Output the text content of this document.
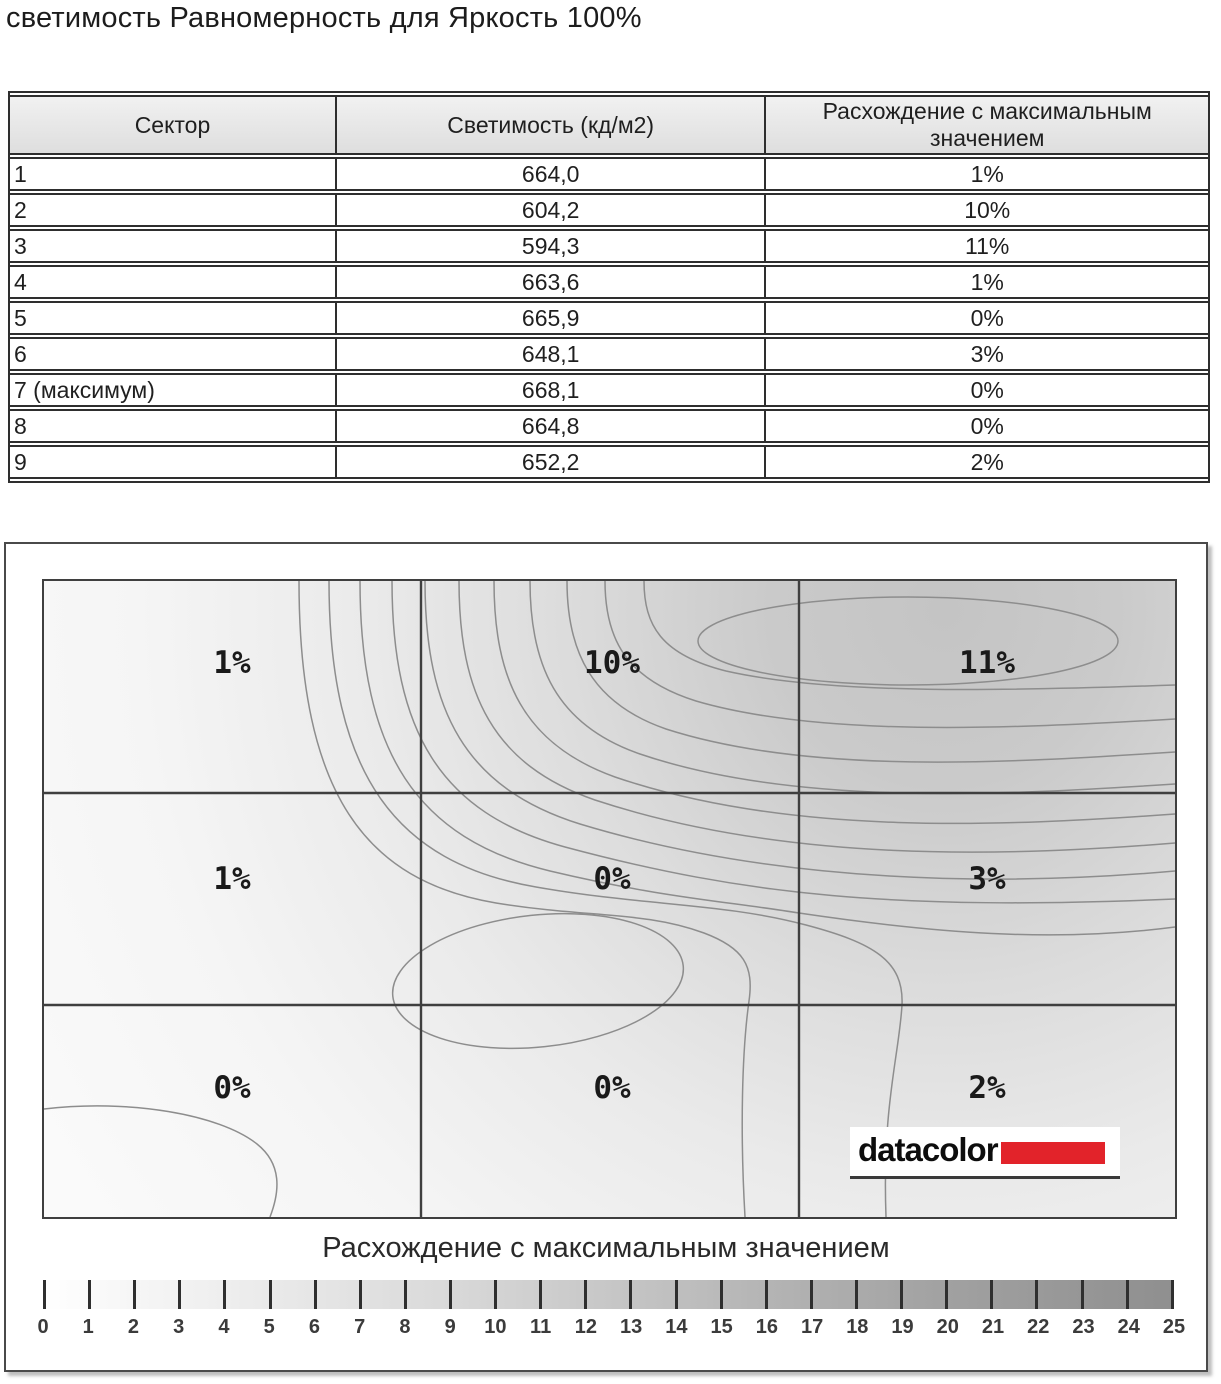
светимость Равномерность для Яркость 100%
Сектор	Светимость (кд/м2)	Расхождение с максимальным значением
1	664,0	1%
2	604,2	10%
3	594,3	11%
4	663,6	1%
5	665,9	0%
6	648,1	3%
7 (максимум)	668,1	0%
8	664,8	0%
9	652,2	2%
1%	10%	11%
1%	0%	3%
0%	0%	2%
datacolor
Расхождение с максимальным значением
0 1 2 3 4 5 6 7 8 9 10 11 12 13 14 15 16 17 18 19 20 21 22 23 24 25
